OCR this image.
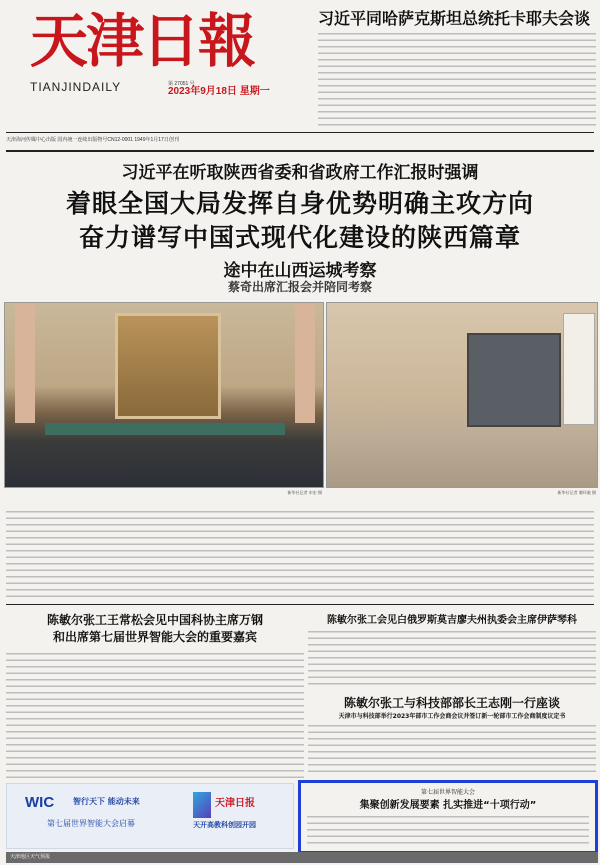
天津日報
TIANJINDAILY	第 27051 号
2023年9月18日 星期一
习近平同哈萨克斯坦总统托卡耶夫会谈
天津海河传媒中心出版 国内统一连续出版物号CN12-0001 1949年1月17日创刊
习近平在听取陕西省委和省政府工作汇报时强调
着眼全国大局发挥自身优势明确主攻方向
奋力谱写中国式现代化建设的陕西篇章
途中在山西运城考察
蔡奇出席汇报会并陪同考察
新华社记者 申宏 摄	新华社记者 谢环驰 摄
陈敏尔张工王常松会见中国科协主席万钢
和出席第七届世界智能大会的重要嘉宾
陈敏尔张工会见白俄罗斯莫吉廖夫州执委会主席伊萨琴科
陈敏尔张工与科技部部长王志刚一行座谈
天津市与科技部举行2023年部市工作会商会议并签订新一轮部市工作会商制度议定书
WIC 智行天下 能动未来
第七届世界智能大会启幕
天津日报
天开高教科创园开园
第七届世界智能大会
集聚创新发展要素 扎实推进“十项行动”
天津地区天气预报
